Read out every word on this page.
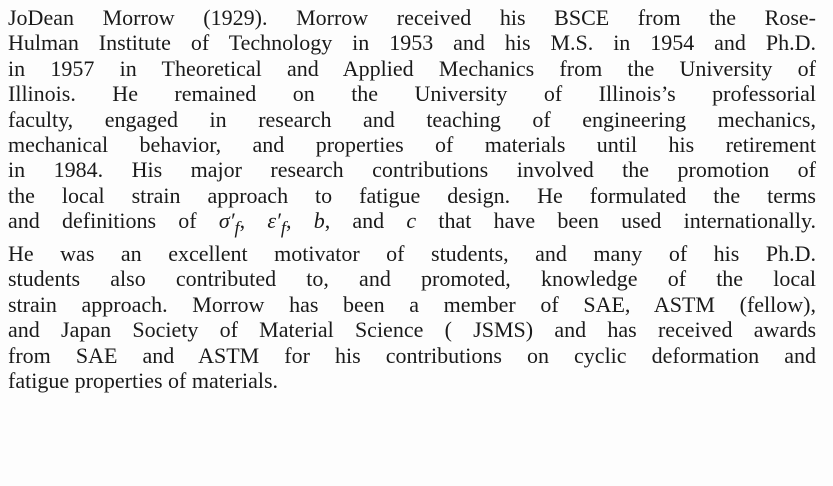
JoDean Morrow (1929). Morrow received his BSCE from the Rose-
Hulman Institute of Technology in 1953 and his M.S. in 1954 and Ph.D.
in 1957 in Theoretical and Applied Mechanics from the University of
Illinois. He remained on the University of Illinois’s professorial
faculty, engaged in research and teaching of engineering mechanics,
mechanical behavior, and properties of materials until his retirement
in 1984. His major research contributions involved the promotion of
the local strain approach to fatigue design. He formulated the terms
and definitions of $\sigma'_f$, $\varepsilon'_f$, b, and c that have been used internationally.
He was an excellent motivator of students, and many of his Ph.D.
students also contributed to, and promoted, knowledge of the local
strain approach. Morrow has been a member of SAE, ASTM (fellow),
and Japan Society of Material Science ( JSMS) and has received awards
from SAE and ASTM for his contributions on cyclic deformation and
fatigue properties of materials.
